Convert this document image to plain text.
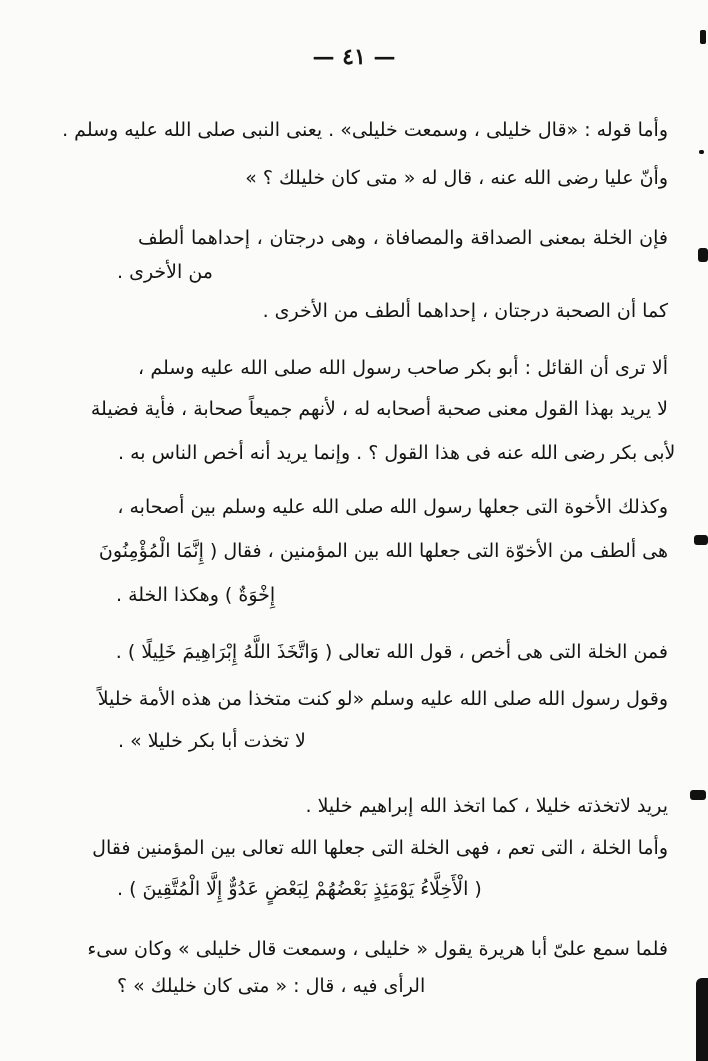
— ٤١ —
وأما قوله : «قال خليلى ، وسمعت خليلى» . يعنى النبى صلى الله عليه وسلم .
وأنّ عليا رضى الله عنه ، قال له « متى كان خليلك ؟ »
فإن الخلة بمعنى الصداقة والمصافاة ، وهى درجتان ، إحداهما ألطف
من الأخرى .
كما أن الصحبة درجتان ، إحداهما ألطف من الأخرى .
ألا ترى أن القائل : أبو بكر صاحب رسول الله صلى الله عليه وسلم ،
لا يريد بهذا القول معنى صحبة أصحابه له ، لأنهم جميعاً صحابة ، فأية فضيلة
لأبى بكر رضى الله عنه فى هذا القول ؟ . وإنما يريد أنه أخص الناس به .
وكذلك الأخوة التى جعلها رسول الله صلى الله عليه وسلم بين أصحابه ،
هى ألطف من الأخوّة التى جعلها الله بين المؤمنين ، فقال ( إِنَّمَا الْمُؤْمِنُونَ
إِخْوَةٌ ) وهكذا الخلة .
فمن الخلة التى هى أخص ، قول الله تعالى ( وَاتَّخَذَ اللَّهُ إِبْرَاهِيمَ خَلِيلًا ) .
وقول رسول الله صلى الله عليه وسلم «لو كنت متخذا من هذه الأمة خليلاً
لا تخذت أبا بكر خليلا » .
يريد لاتخذته خليلا ، كما اتخذ الله إبراهيم خليلا .
وأما الخلة ، التى تعم ، فهى الخلة التى جعلها الله تعالى بين المؤمنين فقال
( الْأَخِلَّاءُ يَوْمَئِذٍ بَعْضُهُمْ لِبَعْضٍ عَدُوٌّ إِلَّا الْمُتَّقِينَ ) .
فلما سمع علىّ أبا هريرة يقول « خليلى ، وسمعت قال خليلى » وكان سىء
الرأى فيه ، قال : « متى كان خليلك » ؟
